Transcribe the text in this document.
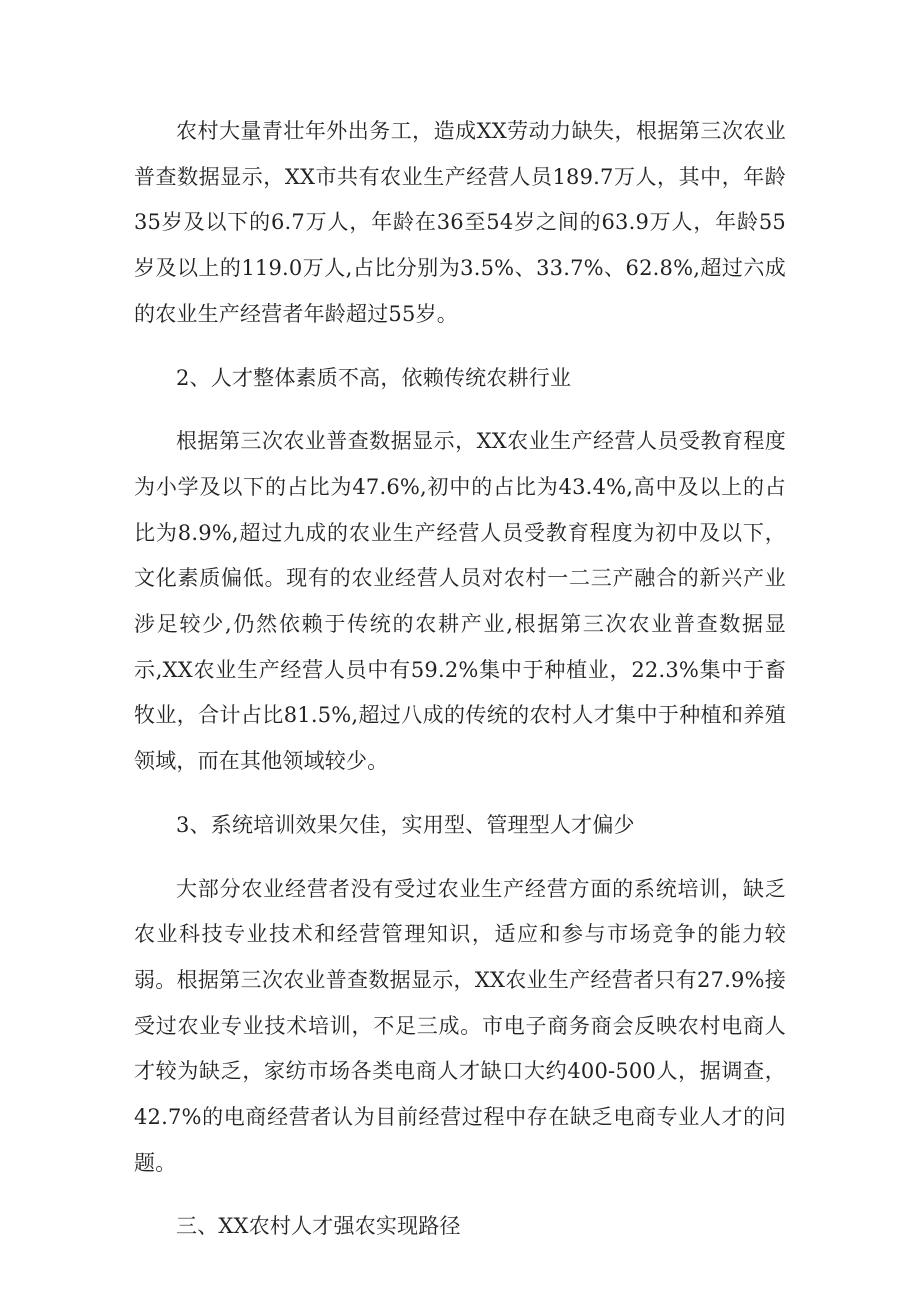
农村大量青壮年外出务工，造成XX劳动力缺失，根据第三次农业普查数据显示，XX市共有农业生产经营人员189.7万人，其中，年龄35岁及以下的6.7万人，年龄在36至54岁之间的63.9万人，年龄55岁及以上的119.0万人,占比分别为3.5%、33.7%、62.8%,超过六成的农业生产经营者年龄超过55岁。

2、人才整体素质不高，依赖传统农耕行业

根据第三次农业普查数据显示，XX农业生产经营人员受教育程度为小学及以下的占比为47.6%,初中的占比为43.4%,高中及以上的占比为8.9%,超过九成的农业生产经营人员受教育程度为初中及以下，文化素质偏低。现有的农业经营人员对农村一二三产融合的新兴产业涉足较少,仍然依赖于传统的农耕产业,根据第三次农业普查数据显示,XX农业生产经营人员中有59.2%集中于种植业，22.3%集中于畜牧业，合计占比81.5%,超过八成的传统的农村人才集中于种植和养殖领域，而在其他领域较少。

3、系统培训效果欠佳，实用型、管理型人才偏少

大部分农业经营者没有受过农业生产经营方面的系统培训，缺乏农业科技专业技术和经营管理知识，适应和参与市场竞争的能力较弱。根据第三次农业普查数据显示，XX农业生产经营者只有27.9%接受过农业专业技术培训，不足三成。市电子商务商会反映农村电商人才较为缺乏，家纺市场各类电商人才缺口大约400-500人，据调查，42.7%的电商经营者认为目前经营过程中存在缺乏电商专业人才的问题。

三、XX农村人才强农实现路径
